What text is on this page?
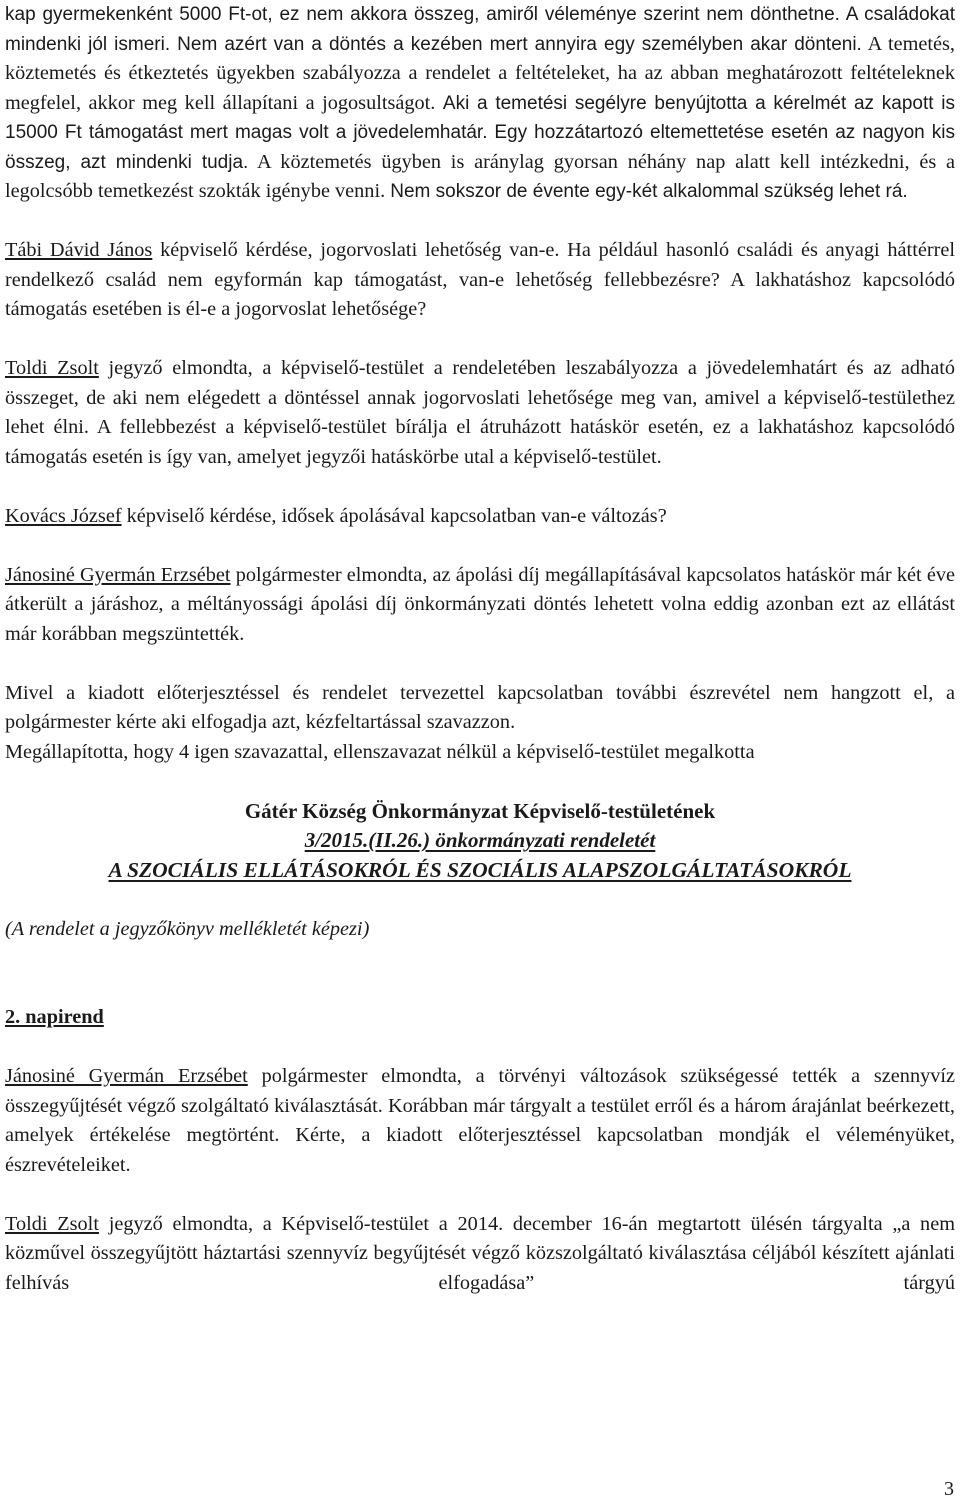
kap gyermekenként 5000 Ft-ot, ez nem akkora összeg, amiről véleménye szerint nem dönthetne. A családokat mindenki jól ismeri. Nem azért van a döntés a kezében mert annyira egy személyben akar dönteni. A temetés, köztemetés és étkeztetés ügyekben szabályozza a rendelet a feltételeket, ha az abban meghatározott feltételeknek megfelel, akkor meg kell állapítani a jogosultságot. Aki a temetési segélyre benyújtotta a kérelmét az kapott is 15000 Ft támogatást mert magas volt a jövedelemhatár. Egy hozzátartozó eltemettetése esetén az nagyon kis összeg, azt mindenki tudja. A köztemetés ügyben is aránylag gyorsan néhány nap alatt kell intézkedni, és a legolcsóbb temetkezést szokták igénybe venni. Nem sokszor de évente egy-két alkalommal szükség lehet rá.

Tábi Dávid János képviselő kérdése, jogorvoslati lehetőség van-e. Ha például hasonló családi és anyagi háttérrel rendelkező család nem egyformán kap támogatást, van-e lehetőség fellebbezésre? A lakhatáshoz kapcsolódó támogatás esetében is él-e a jogorvoslat lehetősége?

Toldi Zsolt jegyző elmondta, a képviselő-testület a rendeletében leszabályozza a jövedelemhatárt és az adható összeget, de aki nem elégedett a döntéssel annak jogorvoslati lehetősége meg van, amivel a képviselő-testülethez lehet élni. A fellebbezést a képviselő-testület bírálja el átruházott hatáskör esetén, ez a lakhatáshoz kapcsolódó támogatás esetén is így van, amelyet jegyzői hatáskörbe utal a képviselő-testület.

Kovács József képviselő kérdése, idősek ápolásával kapcsolatban van-e változás?

Jánosiné Gyermán Erzsébet polgármester elmondta, az ápolási díj megállapításával kapcsolatos hatáskör már két éve átkerült a járáshoz, a méltányossági ápolási díj önkormányzati döntés lehetett volna eddig azonban ezt az ellátást már korábban megszüntették.

Mivel a kiadott előterjesztéssel és rendelet tervezettel kapcsolatban további észrevétel nem hangzott el, a polgármester kérte aki elfogadja azt, kézfeltartással szavazzon.

Megállapította, hogy 4 igen szavazattal, ellenszavazat nélkül a képviselő-testület megalkotta

Gátér Község Önkormányzat Képviselő-testületének
3/2015.(II.26.) önkormányzati rendeletét
A SZOCIÁLIS ELLÁTÁSOKRÓL ÉS SZOCIÁLIS ALAPSZOLGÁLTATÁSOKRÓL

(A rendelet a jegyzőkönyv mellékletét képezi)

2. napirend

Jánosiné Gyermán Erzsébet polgármester elmondta, a törvényi változások szükségessé tették a szennyvíz összegyűjtését végző szolgáltató kiválasztását. Korábban már tárgyalt a testület erről és a három árajánlat beérkezett, amelyek értékelése megtörtént. Kérte, a kiadott előterjesztéssel kapcsolatban mondják el véleményüket, észrevételeiket.

Toldi Zsolt jegyző elmondta, a Képviselő-testület a 2014. december 16-án megtartott ülésén tárgyalta „a nem közművel összegyűjtött háztartási szennyvíz begyűjtését végző közszolgáltató kiválasztása céljából készített ajánlati felhívás elfogadása” tárgyú

3
